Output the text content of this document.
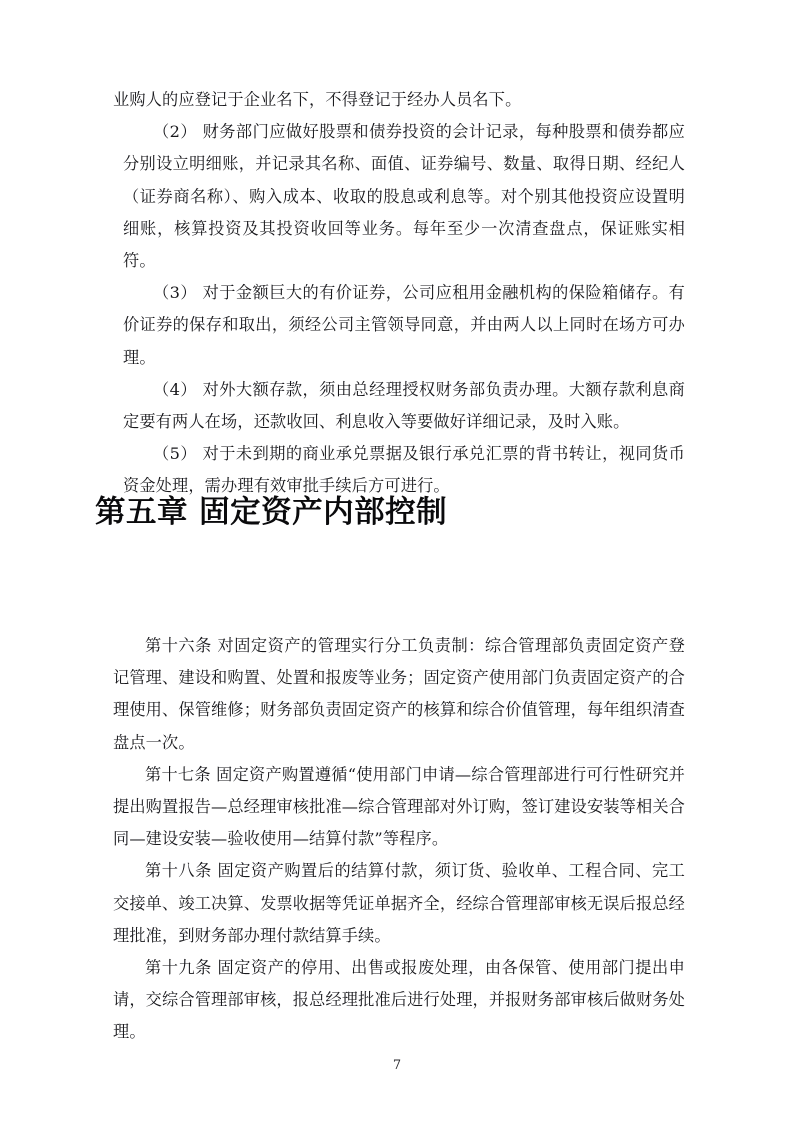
业购人的应登记于企业名下，不得登记于经办人员名下。

（2） 财务部门应做好股票和债券投资的会计记录，每种股票和债券都应分别设立明细账，并记录其名称、面值、证券编号、数量、取得日期、经纪人（证券商名称）、购入成本、收取的股息或利息等。对个别其他投资应设置明细账，核算投资及其投资收回等业务。每年至少一次清查盘点，保证账实相符。

（3） 对于金额巨大的有价证券，公司应租用金融机构的保险箱储存。有价证券的保存和取出，须经公司主管领导同意，并由两人以上同时在场方可办理。

（4） 对外大额存款，须由总经理授权财务部负责办理。大额存款利息商定要有两人在场，还款收回、利息收入等要做好详细记录，及时入账。

（5） 对于未到期的商业承兑票据及银行承兑汇票的背书转让，视同货币资金处理，需办理有效审批手续后方可进行。

第五章 固定资产内部控制

第十六条 对固定资产的管理实行分工负责制：综合管理部负责固定资产登记管理、建设和购置、处置和报废等业务；固定资产使用部门负责固定资产的合理使用、保管维修；财务部负责固定资产的核算和综合价值管理，每年组织清查盘点一次。

第十七条 固定资产购置遵循“使用部门申请—综合管理部进行可行性研究并提出购置报告—总经理审核批准—综合管理部对外订购，签订建设安装等相关合同—建设安装—验收使用—结算付款”等程序。

第十八条 固定资产购置后的结算付款，须订货、验收单、工程合同、完工交接单、竣工决算、发票收据等凭证单据齐全，经综合管理部审核无误后报总经理批准，到财务部办理付款结算手续。

第十九条 固定资产的停用、出售或报废处理，由各保管、使用部门提出申请，交综合管理部审核，报总经理批准后进行处理，并报财务部审核后做财务处理。

7
